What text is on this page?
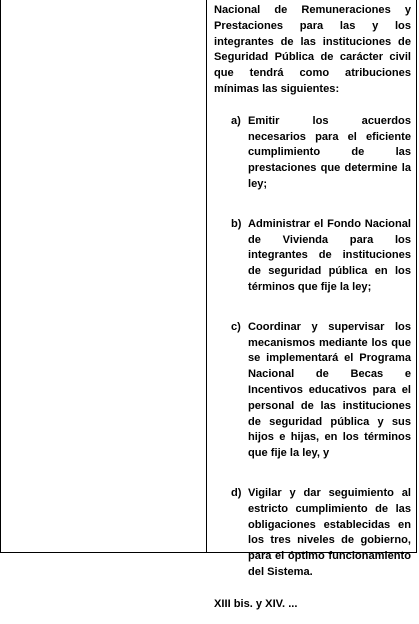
Nacional de Remuneraciones y Prestaciones para las y los integrantes de las instituciones de Seguridad Pública de carácter civil que tendrá como atribuciones mínimas las siguientes:

a) Emitir los acuerdos necesarios para el eficiente cumplimiento de las prestaciones que determine la ley;
b) Administrar el Fondo Nacional de Vivienda para los integrantes de instituciones de seguridad pública en los términos que fije la ley;
c) Coordinar y supervisar los mecanismos mediante los que se implementará el Programa Nacional de Becas e Incentivos educativos para el personal de las instituciones de seguridad pública y sus hijos e hijas, en los términos que fije la ley, y
d) Vigilar y dar seguimiento al estricto cumplimiento de las obligaciones establecidas en los tres niveles de gobierno, para el óptimo funcionamiento del Sistema.

XIII bis. y XIV. ...
